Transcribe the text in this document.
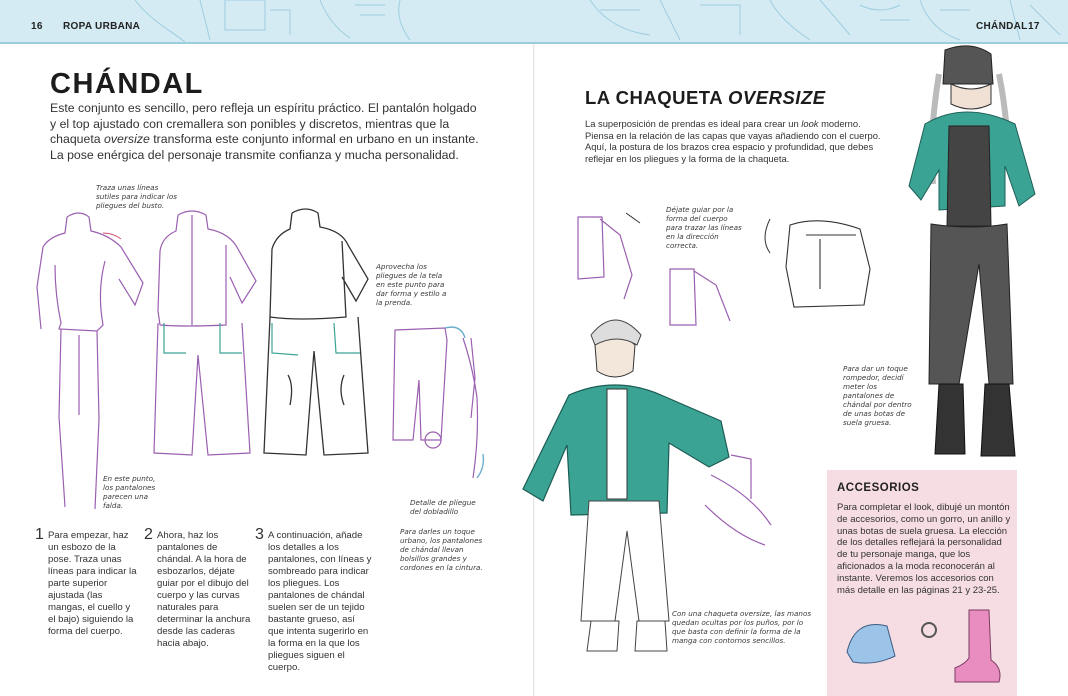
16 ROPA URBANA	CHÁNDAL 17
CHÁNDAL

Este conjunto es sencillo, pero refleja un espíritu práctico. El pantalón holgado y el top ajustado con cremallera son ponibles y discretos, mientras que la chaqueta oversize transforma este conjunto informal en urbano en un instante. La pose enérgica del personaje transmite confianza y mucha personalidad.

Traza unas líneas sutiles para indicar los pliegues del busto.
Aprovecha los pliegues de la tela en este punto para dar forma y estilo a la prenda.
En este punto, los pantalones parecen una falda.	Detalle de pliegue del dobladillo
Para darles un toque urbano, los pantalones de chándal llevan bolsillos grandes y cordones en la cintura.
1 Para empezar, haz un esbozo de la pose. Traza unas líneas para indicar la parte superior ajustada (las mangas, el cuello y el bajo) siguiendo la forma del cuerpo.
2 Ahora, haz los pantalones de chándal. A la hora de esbozarlos, déjate guiar por el dibujo del cuerpo y las curvas naturales para determinar la anchura desde las caderas hacia abajo.
3 A continuación, añade los detalles a los pantalones, con líneas y sombreado para indicar los pliegues. Los pantalones de chándal suelen ser de un tejido bastante grueso, así que intenta sugerirlo en la forma en la que los pliegues siguen el cuerpo.
LA CHAQUETA OVERSIZE

La superposición de prendas es ideal para crear un look moderno. Piensa en la relación de las capas que vayas añadiendo con el cuerpo. Aquí, la postura de los brazos crea espacio y profundidad, que debes reflejar en los pliegues y la forma de la chaqueta.

Déjate guiar por la forma del cuerpo para trazar las líneas en la dirección correcta.
Para dar un toque rompedor, decidí meter los pantalones de chándal por dentro de unas botas de suela gruesa.
Con una chaqueta oversize, las manos quedan ocultas por los puños, por lo que basta con definir la forma de la manga con contornos sencillos.
ACCESORIOS
Para completar el look, dibujé un montón de accesorios, como un gorro, un anillo y unas botas de suela gruesa. La elección de los detalles reflejará la personalidad de tu personaje manga, que los aficionados a la moda reconocerán al instante. Veremos los accesorios con más detalle en las páginas 21 y 23-25.
